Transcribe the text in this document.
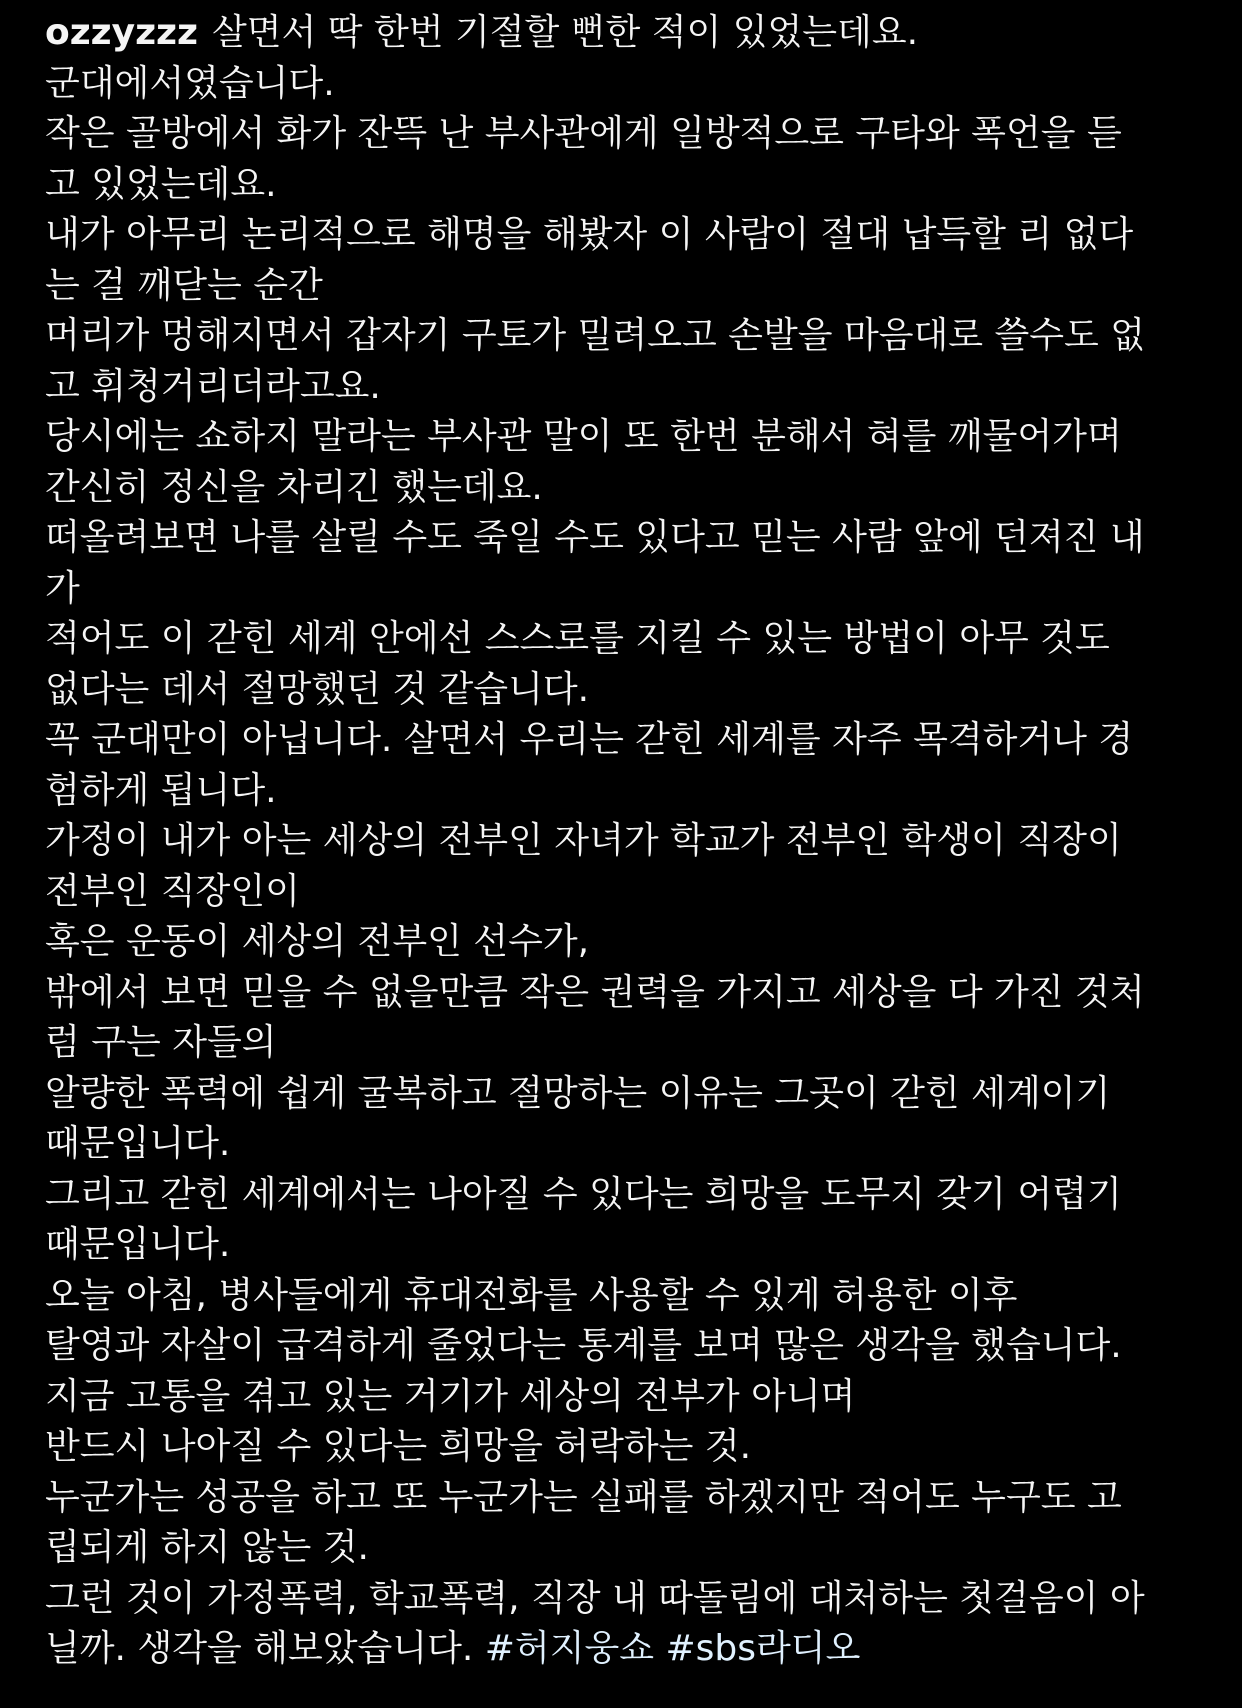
ozzyzzz 살면서 딱 한번 기절할 뻔한 적이 있었는데요.
군대에서였습니다.
작은 골방에서 화가 잔뜩 난 부사관에게 일방적으로 구타와 폭언을 듣
고 있었는데요.
내가 아무리 논리적으로 해명을 해봤자 이 사람이 절대 납득할 리 없다
는 걸 깨닫는 순간
머리가 멍해지면서 갑자기 구토가 밀려오고 손발을 마음대로 쓸수도 없
고 휘청거리더라고요.
당시에는 쇼하지 말라는 부사관 말이 또 한번 분해서 혀를 깨물어가며
간신히 정신을 차리긴 했는데요.
떠올려보면 나를 살릴 수도 죽일 수도 있다고 믿는 사람 앞에 던져진 내
가
적어도 이 갇힌 세계 안에선 스스로를 지킬 수 있는 방법이 아무 것도
없다는 데서 절망했던 것 같습니다.
꼭 군대만이 아닙니다. 살면서 우리는 갇힌 세계를 자주 목격하거나 경
험하게 됩니다.
가정이 내가 아는 세상의 전부인 자녀가 학교가 전부인 학생이 직장이
전부인 직장인이
혹은 운동이 세상의 전부인 선수가,
밖에서 보면 믿을 수 없을만큼 작은 권력을 가지고 세상을 다 가진 것처
럼 구는 자들의
알량한 폭력에 쉽게 굴복하고 절망하는 이유는 그곳이 갇힌 세계이기
때문입니다.
그리고 갇힌 세계에서는 나아질 수 있다는 희망을 도무지 갖기 어렵기
때문입니다.
오늘 아침, 병사들에게 휴대전화를 사용할 수 있게 허용한 이후
탈영과 자살이 급격하게 줄었다는 통계를 보며 많은 생각을 했습니다.
지금 고통을 겪고 있는 거기가 세상의 전부가 아니며
반드시 나아질 수 있다는 희망을 허락하는 것.
누군가는 성공을 하고 또 누군가는 실패를 하겠지만 적어도 누구도 고
립되게 하지 않는 것.
그런 것이 가정폭력, 학교폭력, 직장 내 따돌림에 대처하는 첫걸음이 아
닐까. 생각을 해보았습니다. #허지웅쇼 #sbs라디오
